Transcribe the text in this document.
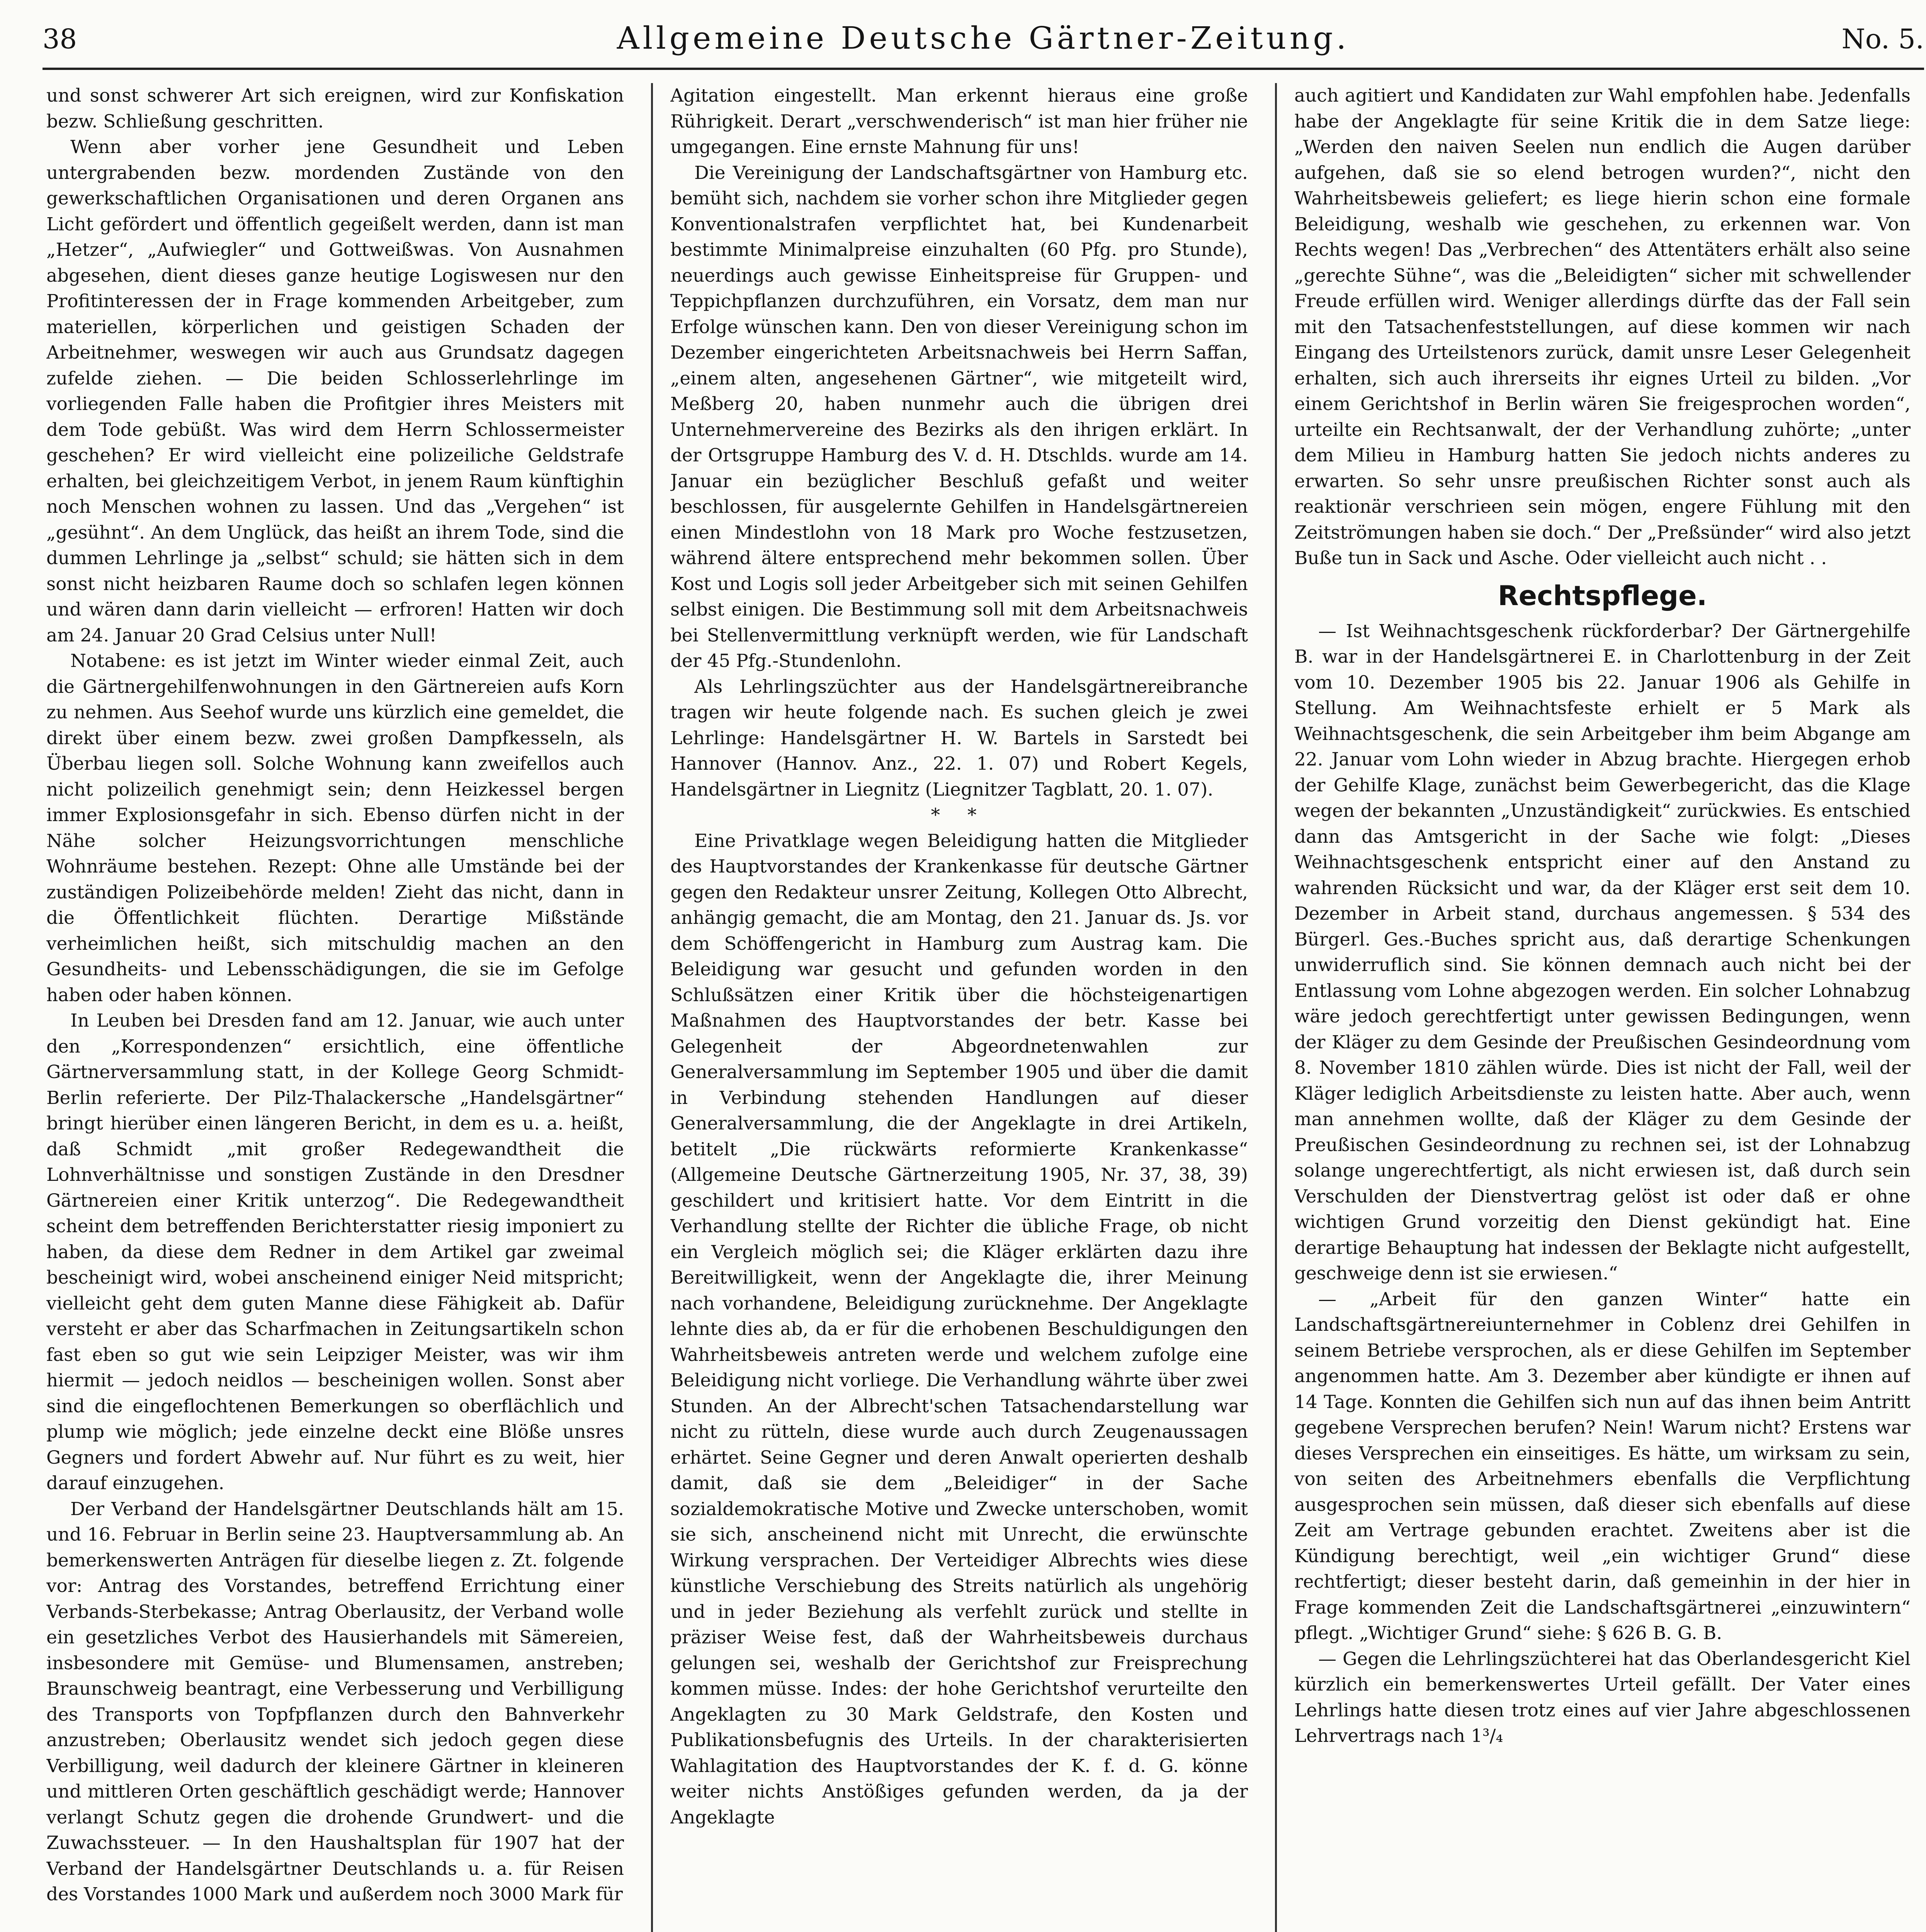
38	Allgemeine Deutsche Gärtner-Zeitung.	No. 5.

und sonst schwerer Art sich ereignen, wird zur Konfiskation bezw. Schließung geschritten.

Wenn aber vorher jene Gesundheit und Leben untergrabenden bezw. mordenden Zustände von den gewerkschaftlichen Organisationen und deren Organen ans Licht gefördert und öffentlich gegeißelt werden, dann ist man „Hetzer“, „Aufwiegler“ und Gottweißwas. Von Ausnahmen abgesehen, dient dieses ganze heutige Logiswesen nur den Profitinteressen der in Frage kommenden Arbeitgeber, zum materiellen, körperlichen und geistigen Schaden der Arbeitnehmer, weswegen wir auch aus Grundsatz dagegen zufelde ziehen. — Die beiden Schlosserlehrlinge im vorliegenden Falle haben die Profitgier ihres Meisters mit dem Tode gebüßt. Was wird dem Herrn Schlossermeister geschehen? Er wird vielleicht eine polizeiliche Geldstrafe erhalten, bei gleichzeitigem Verbot, in jenem Raum künftighin noch Menschen wohnen zu lassen. Und das „Vergehen“ ist „gesühnt“. An dem Unglück, das heißt an ihrem Tode, sind die dummen Lehrlinge ja „selbst“ schuld; sie hätten sich in dem sonst nicht heizbaren Raume doch so schlafen legen können und wären dann darin vielleicht — erfroren! Hatten wir doch am 24. Januar 20 Grad Celsius unter Null!

Notabene: es ist jetzt im Winter wieder einmal Zeit, auch die Gärtnergehilfenwohnungen in den Gärtnereien aufs Korn zu nehmen. Aus Seehof wurde uns kürzlich eine gemeldet, die direkt über einem bezw. zwei großen Dampfkesseln, als Überbau liegen soll. Solche Wohnung kann zweifellos auch nicht polizeilich genehmigt sein; denn Heizkessel bergen immer Explosionsgefahr in sich. Ebenso dürfen nicht in der Nähe solcher Heizungsvorrichtungen menschliche Wohnräume bestehen. Rezept: Ohne alle Umstände bei der zuständigen Polizeibehörde melden! Zieht das nicht, dann in die Öffentlichkeit flüchten. Derartige Mißstände verheimlichen heißt, sich mitschuldig machen an den Gesundheits- und Lebensschädigungen, die sie im Gefolge haben oder haben können.

In Leuben bei Dresden fand am 12. Januar, wie auch unter den „Korrespondenzen“ ersichtlich, eine öffentliche Gärtnerversammlung statt, in der Kollege Georg Schmidt-Berlin referierte. Der Pilz-Thalackersche „Handelsgärtner“ bringt hierüber einen längeren Bericht, in dem es u. a. heißt, daß Schmidt „mit großer Redegewandtheit die Lohnverhältnisse und sonstigen Zustände in den Dresdner Gärtnereien einer Kritik unterzog“. Die Redegewandtheit scheint dem betreffenden Berichterstatter riesig imponiert zu haben, da diese dem Redner in dem Artikel gar zweimal bescheinigt wird, wobei anscheinend einiger Neid mitspricht; vielleicht geht dem guten Manne diese Fähigkeit ab. Dafür versteht er aber das Scharfmachen in Zeitungsartikeln schon fast eben so gut wie sein Leipziger Meister, was wir ihm hiermit — jedoch neidlos — bescheinigen wollen. Sonst aber sind die eingeflochtenen Bemerkungen so oberflächlich und plump wie möglich; jede einzelne deckt eine Blöße unsres Gegners und fordert Abwehr auf. Nur führt es zu weit, hier darauf einzugehen.

Der Verband der Handelsgärtner Deutschlands hält am 15. und 16. Februar in Berlin seine 23. Hauptversammlung ab. An bemerkenswerten Anträgen für dieselbe liegen z. Zt. folgende vor: Antrag des Vorstandes, betreffend Errichtung einer Verbands-Sterbekasse; Antrag Oberlausitz, der Verband wolle ein gesetzliches Verbot des Hausierhandels mit Sämereien, insbesondere mit Gemüse- und Blumensamen, anstreben; Braunschweig beantragt, eine Verbesserung und Verbilligung des Transports von Topfpflanzen durch den Bahnverkehr anzustreben; Oberlausitz wendet sich jedoch gegen diese Verbilligung, weil dadurch der kleinere Gärtner in kleineren und mittleren Orten geschäftlich geschädigt werde; Hannover verlangt Schutz gegen die drohende Grundwert- und die Zuwachssteuer. — In den Haushaltsplan für 1907 hat der Verband der Handelsgärtner Deutschlands u. a. für Reisen des Vorstandes 1000 Mark und außerdem noch 3000 Mark für

Agitation eingestellt. Man erkennt hieraus eine große Rührigkeit. Derart „verschwenderisch“ ist man hier früher nie umgegangen. Eine ernste Mahnung für uns!

Die Vereinigung der Landschaftsgärtner von Hamburg etc. bemüht sich, nachdem sie vorher schon ihre Mitglieder gegen Konventionalstrafen verpflichtet hat, bei Kundenarbeit bestimmte Minimalpreise einzuhalten (60 Pfg. pro Stunde), neuerdings auch gewisse Einheitspreise für Gruppen- und Teppichpflanzen durchzuführen, ein Vorsatz, dem man nur Erfolge wünschen kann. Den von dieser Vereinigung schon im Dezember eingerichteten Arbeitsnachweis bei Herrn Saffan, „einem alten, angesehenen Gärtner“, wie mitgeteilt wird, Meßberg 20, haben nunmehr auch die übrigen drei Unternehmervereine des Bezirks als den ihrigen erklärt. In der Ortsgruppe Hamburg des V. d. H. Dtschlds. wurde am 14. Januar ein bezüglicher Beschluß gefaßt und weiter beschlossen, für ausgelernte Gehilfen in Handelsgärtnereien einen Mindestlohn von 18 Mark pro Woche festzusetzen, während ältere entsprechend mehr bekommen sollen. Über Kost und Logis soll jeder Arbeitgeber sich mit seinen Gehilfen selbst einigen. Die Bestimmung soll mit dem Arbeitsnachweis bei Stellenvermittlung verknüpft werden, wie für Landschaft der 45 Pfg.-Stundenlohn.

Als Lehrlingszüchter aus der Handelsgärtnereibranche tragen wir heute folgende nach. Es suchen gleich je zwei Lehrlinge: Handelsgärtner H. W. Bartels in Sarstedt bei Hannover (Hannov. Anz., 22. 1. 07) und Robert Kegels, Handelsgärtner in Liegnitz (Liegnitzer Tagblatt, 20. 1. 07).

* *

Eine Privatklage wegen Beleidigung hatten die Mitglieder des Hauptvorstandes der Krankenkasse für deutsche Gärtner gegen den Redakteur unsrer Zeitung, Kollegen Otto Albrecht, anhängig gemacht, die am Montag, den 21. Januar ds. Js. vor dem Schöffengericht in Hamburg zum Austrag kam. Die Beleidigung war gesucht und gefunden worden in den Schlußsätzen einer Kritik über die höchsteigenartigen Maßnahmen des Hauptvorstandes der betr. Kasse bei Gelegenheit der Abgeordnetenwahlen zur Generalversammlung im September 1905 und über die damit in Verbindung stehenden Handlungen auf dieser Generalversammlung, die der Angeklagte in drei Artikeln, betitelt „Die rückwärts reformierte Krankenkasse“ (Allgemeine Deutsche Gärtnerzeitung 1905, Nr. 37, 38, 39) geschildert und kritisiert hatte. Vor dem Eintritt in die Verhandlung stellte der Richter die übliche Frage, ob nicht ein Vergleich möglich sei; die Kläger erklärten dazu ihre Bereitwilligkeit, wenn der Angeklagte die, ihrer Meinung nach vorhandene, Beleidigung zurücknehme. Der Angeklagte lehnte dies ab, da er für die erhobenen Beschuldigungen den Wahrheitsbeweis antreten werde und welchem zufolge eine Beleidigung nicht vorliege. Die Verhandlung währte über zwei Stunden. An der Albrecht'schen Tatsachendarstellung war nicht zu rütteln, diese wurde auch durch Zeugenaussagen erhärtet. Seine Gegner und deren Anwalt operierten deshalb damit, daß sie dem „Beleidiger“ in der Sache sozialdemokratische Motive und Zwecke unterschoben, womit sie sich, anscheinend nicht mit Unrecht, die erwünschte Wirkung versprachen. Der Verteidiger Albrechts wies diese künstliche Verschiebung des Streits natürlich als ungehörig und in jeder Beziehung als verfehlt zurück und stellte in präziser Weise fest, daß der Wahrheitsbeweis durchaus gelungen sei, weshalb der Gerichtshof zur Freisprechung kommen müsse. Indes: der hohe Gerichtshof verurteilte den Angeklagten zu 30 Mark Geldstrafe, den Kosten und Publikationsbefugnis des Urteils. In der charakterisierten Wahlagitation des Hauptvorstandes der K. f. d. G. könne weiter nichts Anstößiges gefunden werden, da ja der Angeklagte

auch agitiert und Kandidaten zur Wahl empfohlen habe. Jedenfalls habe der Angeklagte für seine Kritik die in dem Satze liege: „Werden den naiven Seelen nun endlich die Augen darüber aufgehen, daß sie so elend betrogen wurden?“, nicht den Wahrheitsbeweis geliefert; es liege hierin schon eine formale Beleidigung, weshalb wie geschehen, zu erkennen war. Von Rechts wegen! Das „Verbrechen“ des Attentäters erhält also seine „gerechte Sühne“, was die „Beleidigten“ sicher mit schwellender Freude erfüllen wird. Weniger allerdings dürfte das der Fall sein mit den Tatsachenfeststellungen, auf diese kommen wir nach Eingang des Urteilstenors zurück, damit unsre Leser Gelegenheit erhalten, sich auch ihrerseits ihr eignes Urteil zu bilden. „Vor einem Gerichtshof in Berlin wären Sie freigesprochen worden“, urteilte ein Rechtsanwalt, der der Verhandlung zuhörte; „unter dem Milieu in Hamburg hatten Sie jedoch nichts anderes zu erwarten. So sehr unsre preußischen Richter sonst auch als reaktionär verschrieen sein mögen, engere Fühlung mit den Zeitströmungen haben sie doch.“ Der „Preßsünder“ wird also jetzt Buße tun in Sack und Asche. Oder vielleicht auch nicht . .

Rechtspflege.

— Ist Weihnachtsgeschenk rückforderbar? Der Gärtnergehilfe B. war in der Handelsgärtnerei E. in Charlottenburg in der Zeit vom 10. Dezember 1905 bis 22. Januar 1906 als Gehilfe in Stellung. Am Weihnachtsfeste erhielt er 5 Mark als Weihnachtsgeschenk, die sein Arbeitgeber ihm beim Abgange am 22. Januar vom Lohn wieder in Abzug brachte. Hiergegen erhob der Gehilfe Klage, zunächst beim Gewerbegericht, das die Klage wegen der bekannten „Unzuständigkeit“ zurückwies. Es entschied dann das Amtsgericht in der Sache wie folgt: „Dieses Weihnachtsgeschenk entspricht einer auf den Anstand zu wahrenden Rücksicht und war, da der Kläger erst seit dem 10. Dezember in Arbeit stand, durchaus angemessen. § 534 des Bürgerl. Ges.-Buches spricht aus, daß derartige Schenkungen unwiderruflich sind. Sie können demnach auch nicht bei der Entlassung vom Lohne abgezogen werden. Ein solcher Lohnabzug wäre jedoch gerechtfertigt unter gewissen Bedingungen, wenn der Kläger zu dem Gesinde der Preußischen Gesindeordnung vom 8. November 1810 zählen würde. Dies ist nicht der Fall, weil der Kläger lediglich Arbeitsdienste zu leisten hatte. Aber auch, wenn man annehmen wollte, daß der Kläger zu dem Gesinde der Preußischen Gesindeordnung zu rechnen sei, ist der Lohnabzug solange ungerechtfertigt, als nicht erwiesen ist, daß durch sein Verschulden der Dienstvertrag gelöst ist oder daß er ohne wichtigen Grund vorzeitig den Dienst gekündigt hat. Eine derartige Behauptung hat indessen der Beklagte nicht aufgestellt, geschweige denn ist sie erwiesen.“

— „Arbeit für den ganzen Winter“ hatte ein Landschaftsgärtnereiunternehmer in Coblenz drei Gehilfen in seinem Betriebe versprochen, als er diese Gehilfen im September angenommen hatte. Am 3. Dezember aber kündigte er ihnen auf 14 Tage. Konnten die Gehilfen sich nun auf das ihnen beim Antritt gegebene Versprechen berufen? Nein! Warum nicht? Erstens war dieses Versprechen ein einseitiges. Es hätte, um wirksam zu sein, von seiten des Arbeitnehmers ebenfalls die Verpflichtung ausgesprochen sein müssen, daß dieser sich ebenfalls auf diese Zeit am Vertrage gebunden erachtet. Zweitens aber ist die Kündigung berechtigt, weil „ein wichtiger Grund“ diese rechtfertigt; dieser besteht darin, daß gemeinhin in der hier in Frage kommenden Zeit die Landschaftsgärtnerei „einzuwintern“ pflegt. „Wichtiger Grund“ siehe: § 626 B. G. B.

— Gegen die Lehrlingszüchterei hat das Oberlandesgericht Kiel kürzlich ein bemerkenswertes Urteil gefällt. Der Vater eines Lehrlings hatte diesen trotz eines auf vier Jahre abgeschlossenen Lehrvertrags nach 1³/₄
